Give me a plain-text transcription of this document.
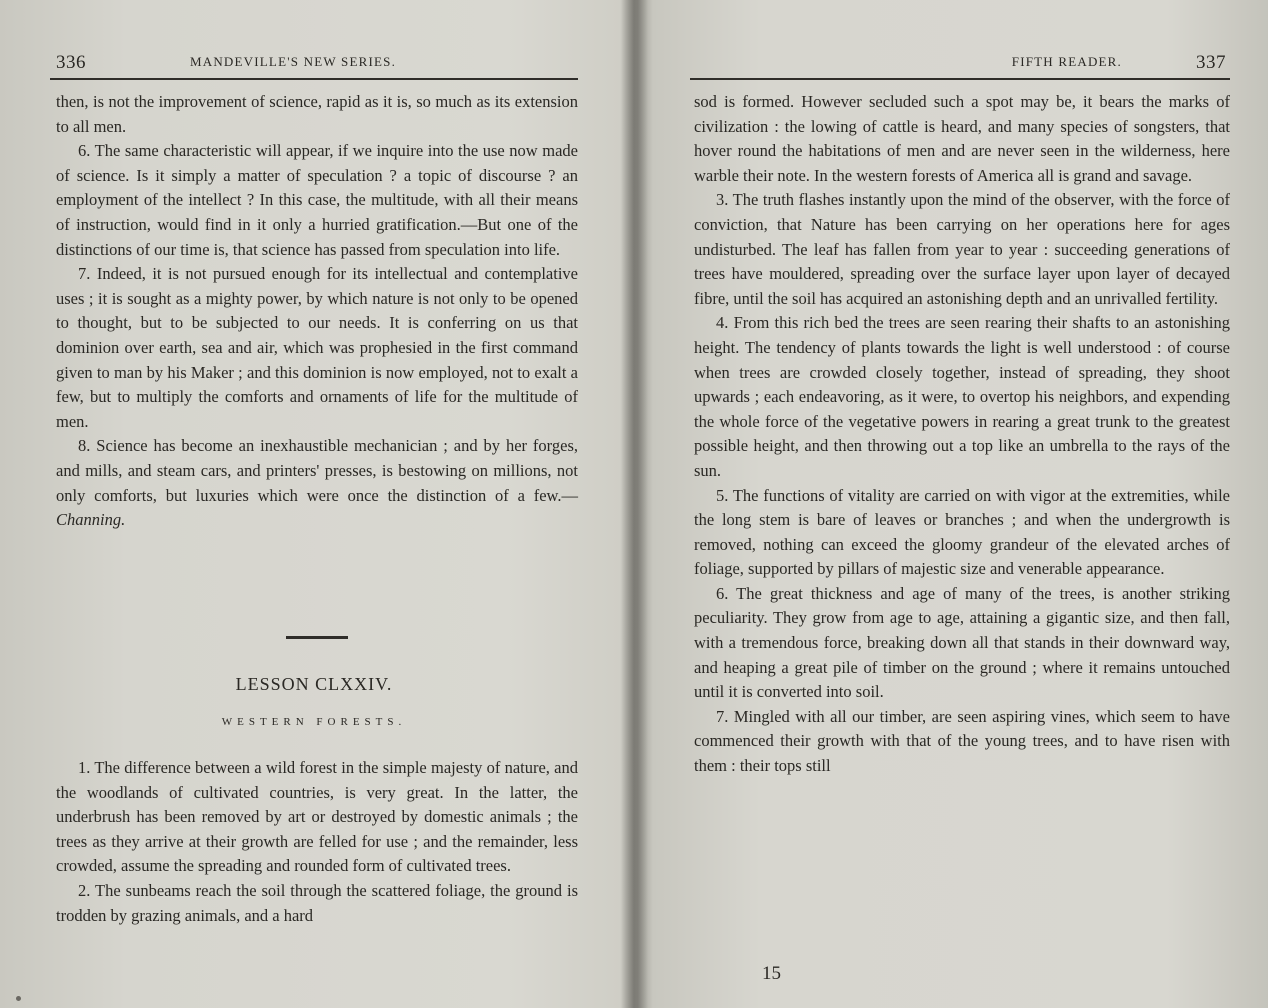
336	MANDEVILLE'S NEW SERIES.

then, is not the improvement of science, rapid as it is, so much as its extension to all men.

6. The same characteristic will appear, if we inquire into the use now made of science. Is it simply a matter of speculation ? a topic of discourse ? an employment of the intellect ? In this case, the multitude, with all their means of instruction, would find in it only a hurried gratification.—But one of the distinctions of our time is, that science has passed from speculation into life.

7. Indeed, it is not pursued enough for its intellectual and contemplative uses ; it is sought as a mighty power, by which nature is not only to be opened to thought, but to be subjected to our needs. It is conferring on us that dominion over earth, sea and air, which was prophesied in the first command given to man by his Maker ; and this dominion is now employed, not to exalt a few, but to multiply the comforts and ornaments of life for the multitude of men.

8. Science has become an inexhaustible mechanician ; and by her forges, and mills, and steam cars, and printers' presses, is bestowing on millions, not only comforts, but luxuries which were once the distinction of a few.—Channing.

LESSON CLXXIV.
WESTERN FORESTS.

1. The difference between a wild forest in the simple majesty of nature, and the woodlands of cultivated countries, is very great. In the latter, the underbrush has been removed by art or destroyed by domestic animals ; the trees as they arrive at their growth are felled for use ; and the remainder, less crowded, assume the spreading and rounded form of cultivated trees.

2. The sunbeams reach the soil through the scattered foliage, the ground is trodden by grazing animals, and a hard

FIFTH READER.	337

sod is formed. However secluded such a spot may be, it bears the marks of civilization : the lowing of cattle is heard, and many species of songsters, that hover round the habitations of men and are never seen in the wilderness, here warble their note. In the western forests of America all is grand and savage.

3. The truth flashes instantly upon the mind of the observer, with the force of conviction, that Nature has been carrying on her operations here for ages undisturbed. The leaf has fallen from year to year : succeeding generations of trees have mouldered, spreading over the surface layer upon layer of decayed fibre, until the soil has acquired an astonishing depth and an unrivalled fertility.

4. From this rich bed the trees are seen rearing their shafts to an astonishing height. The tendency of plants towards the light is well understood : of course when trees are crowded closely together, instead of spreading, they shoot upwards ; each endeavoring, as it were, to overtop his neighbors, and expending the whole force of the vegetative powers in rearing a great trunk to the greatest possible height, and then throwing out a top like an umbrella to the rays of the sun.

5. The functions of vitality are carried on with vigor at the extremities, while the long stem is bare of leaves or branches ; and when the undergrowth is removed, nothing can exceed the gloomy grandeur of the elevated arches of foliage, supported by pillars of majestic size and venerable appearance.

6. The great thickness and age of many of the trees, is another striking peculiarity. They grow from age to age, attaining a gigantic size, and then fall, with a tremendous force, breaking down all that stands in their downward way, and heaping a great pile of timber on the ground ; where it remains untouched until it is converted into soil.

7. Mingled with all our timber, are seen aspiring vines, which seem to have commenced their growth with that of the young trees, and to have risen with them : their tops still

15
